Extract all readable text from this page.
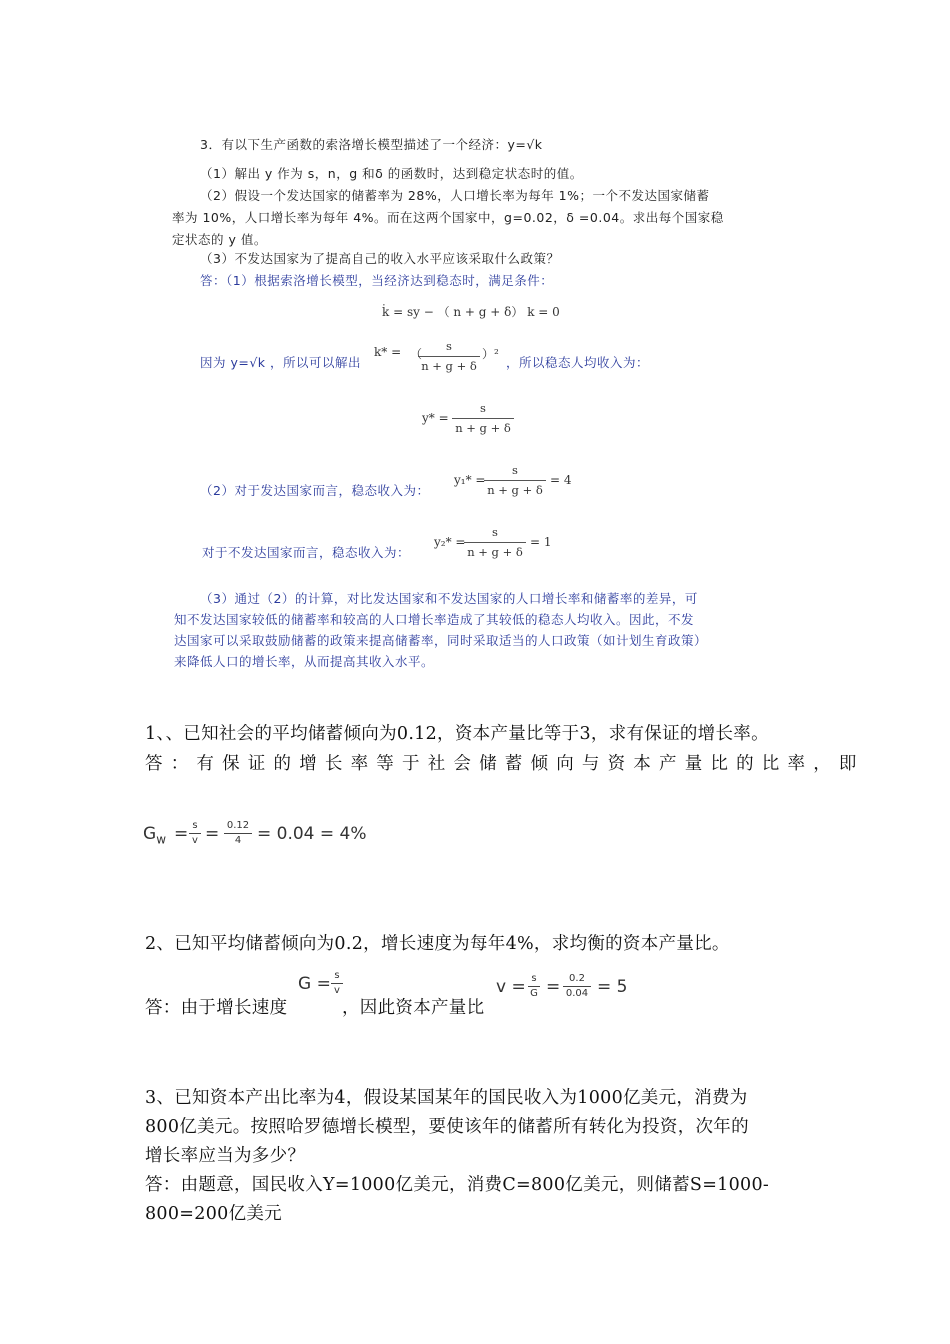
3．有以下生产函数的索洛增长模型描述了一个经济：y=√k
（1）解出 y 作为 s，n，g 和δ 的函数时，达到稳定状态时的值。
（2）假设一个发达国家的储蓄率为 28%，人口增长率为每年 1%；一个不发达国家储蓄
率为 10%，人口增长率为每年 4%。而在这两个国家中，g=0.02，δ =0.04。求出每个国家稳
定状态的 y 值。
（3）不发达国家为了提高自己的收入水平应该采取什么政策？
答：（1）根据索洛增长模型，当经济达到稳态时，满足条件：
k̇ = sy − （ n + g + δ） k = 0
因为 y=√k ，所以可以解出
k* = （
s
n + g + δ
）²
，所以稳态人均收入为：
y* =
s
n + g + δ
（2）对于发达国家而言，稳态收入为：
y₁* =
s
n + g + δ
= 4
对于不发达国家而言，稳态收入为：
y₂* =
s
n + g + δ
= 1
（3）通过（2）的计算，对比发达国家和不发达国家的人口增长率和储蓄率的差异，可
知不发达国家较低的储蓄率和较高的人口增长率造成了其较低的稳态人均收入。因此，不发
达国家可以采取鼓励储蓄的政策来提高储蓄率，同时采取适当的人口政策（如计划生育政策）
来降低人口的增长率，从而提高其收入水平。
1、、已知社会的平均储蓄倾向为0.12，资本产量比等于3，求有保证的增长率。
答：有保证的增长率等于社会储蓄倾向与资本产量比的比率，即
$G_w = s$
v = 0.12
4 = 0.04 = 4%
2、已知平均储蓄倾向为0.2，增长速度为每年4%，求均衡的资本产量比。
答：由于增长速度
G = s
v
，因此资本产量比
v = s
G = 0.2
0.04 = 5
3、已知资本产出比率为4，假设某国某年的国民收入为1000亿美元，消费为
800亿美元。按照哈罗德增长模型，要使该年的储蓄所有转化为投资，次年的
增长率应当为多少？
答：由题意，国民收入Y=1000亿美元，消费C=800亿美元，则储蓄S=1000-
800=200亿美元
